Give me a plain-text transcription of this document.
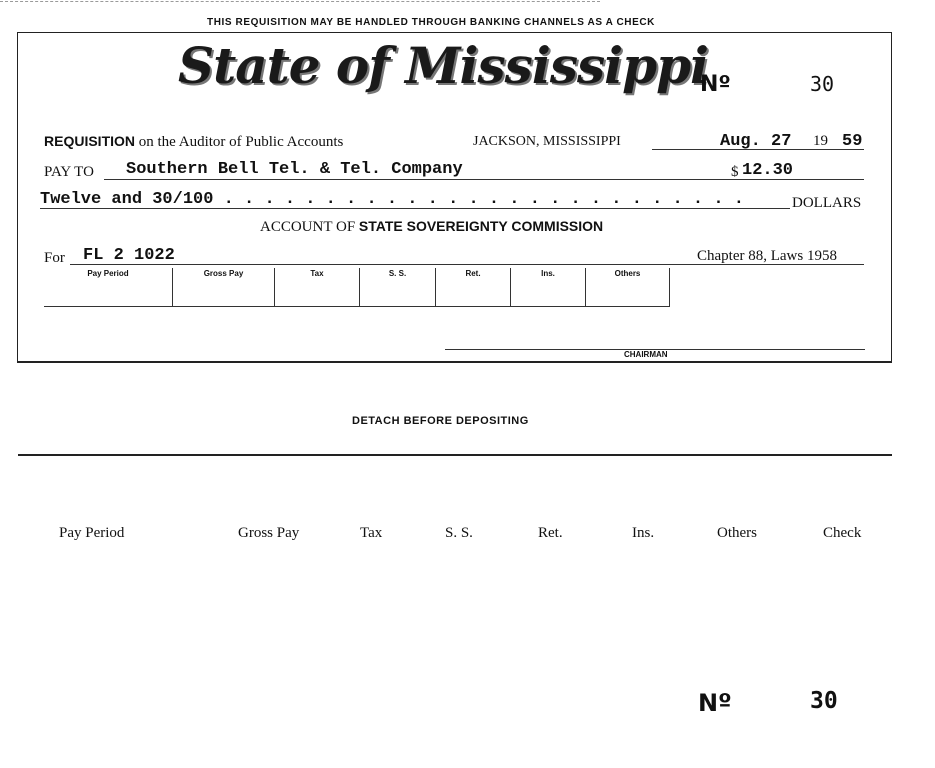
THIS REQUISITION MAY BE HANDLED THROUGH BANKING CHANNELS AS A CHECK
State of Mississippi
Nº	30
REQUISITION on the Auditor of Public Accounts	JACKSON, MISSISSIPPI	Aug. 27 19 59
PAY TO Southern Bell Tel. & Tel. Company	$ 12.30
Twelve and 30/100 . . . . . . . . . . . . . . . . . . . . . . . . . .	DOLLARS
ACCOUNT OF STATE SOVEREIGNTY COMMISSION
For FL 2 1022	Chapter 88, Laws 1958
Pay Period	Gross Pay	Tax	S. S.	Ret.	Ins.	Others
CHAIRMAN
DETACH BEFORE DEPOSITING
Pay Period	Gross Pay	Tax	S. S.	Ret.	Ins.	Others	Check
Nº	30
